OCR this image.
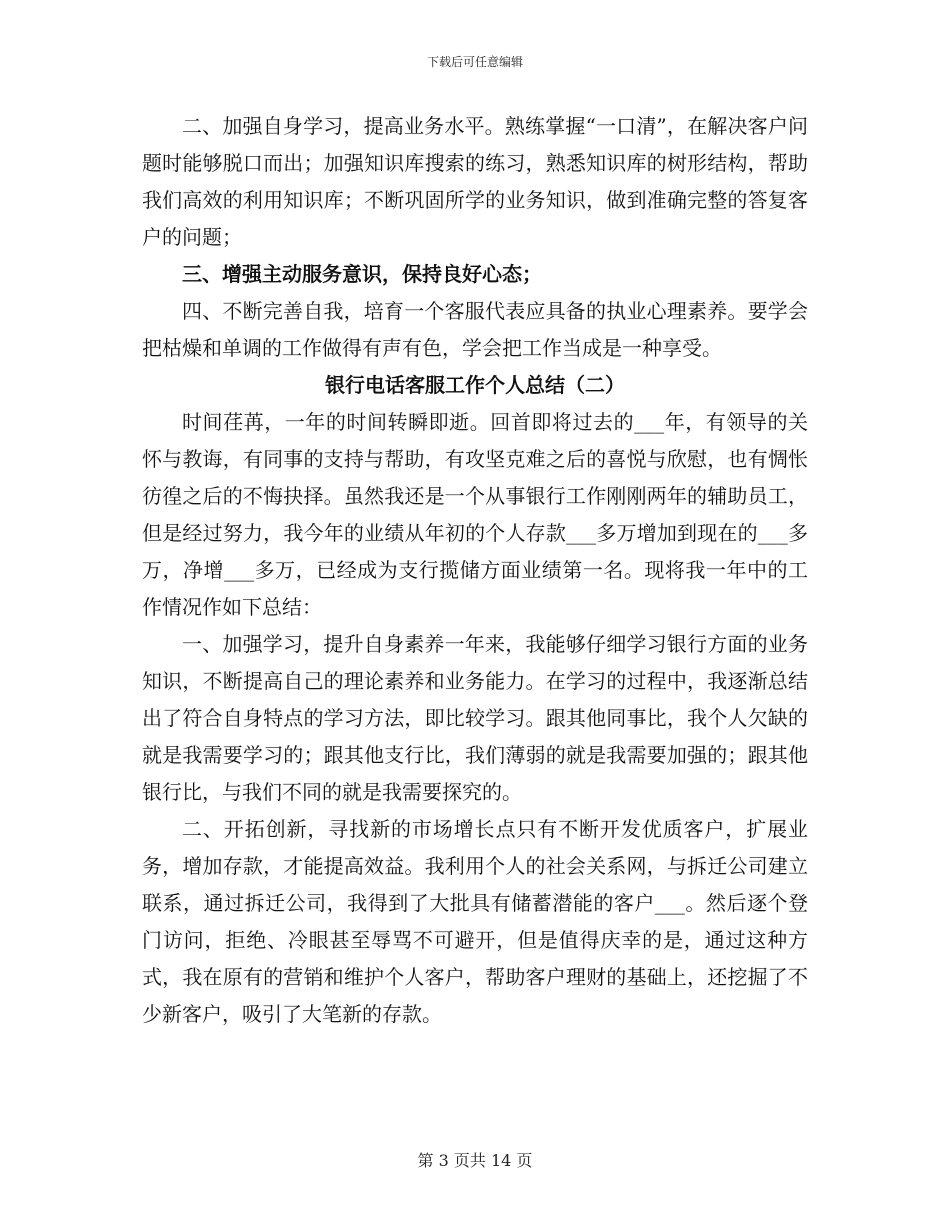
下载后可任意编辑

二、加强自身学习，提高业务水平。熟练掌握“一口清”，在解决客户问题时能够脱口而出；加强知识库搜索的练习，熟悉知识库的树形结构，帮助我们高效的利用知识库；不断巩固所学的业务知识，做到准确完整的答复客户的问题；

三、增强主动服务意识，保持良好心态；

四、不断完善自我，培育一个客服代表应具备的执业心理素养。要学会把枯燥和单调的工作做得有声有色，学会把工作当成是一种享受。

银行电话客服工作个人总结（二）

时间荏苒，一年的时间转瞬即逝。回首即将过去的___年，有领导的关怀与教诲，有同事的支持与帮助，有攻坚克难之后的喜悦与欣慰，也有惆怅彷徨之后的不悔抉择。虽然我还是一个从事银行工作刚刚两年的辅助员工，但是经过努力，我今年的业绩从年初的个人存款___多万增加到现在的___多万，净增___多万，已经成为支行揽储方面业绩第一名。现将我一年中的工作情况作如下总结：

一、加强学习，提升自身素养一年来，我能够仔细学习银行方面的业务知识，不断提高自己的理论素养和业务能力。在学习的过程中，我逐渐总结出了符合自身特点的学习方法，即比较学习。跟其他同事比，我个人欠缺的就是我需要学习的；跟其他支行比，我们薄弱的就是我需要加强的；跟其他银行比，与我们不同的就是我需要探究的。

二、开拓创新，寻找新的市场增长点只有不断开发优质客户，扩展业务，增加存款，才能提高效益。我利用个人的社会关系网，与拆迁公司建立联系，通过拆迁公司，我得到了大批具有储蓄潜能的客户___。然后逐个登门访问，拒绝、冷眼甚至辱骂不可避开，但是值得庆幸的是，通过这种方式，我在原有的营销和维护个人客户，帮助客户理财的基础上，还挖掘了不少新客户，吸引了大笔新的存款。

第 3 页共 14 页
